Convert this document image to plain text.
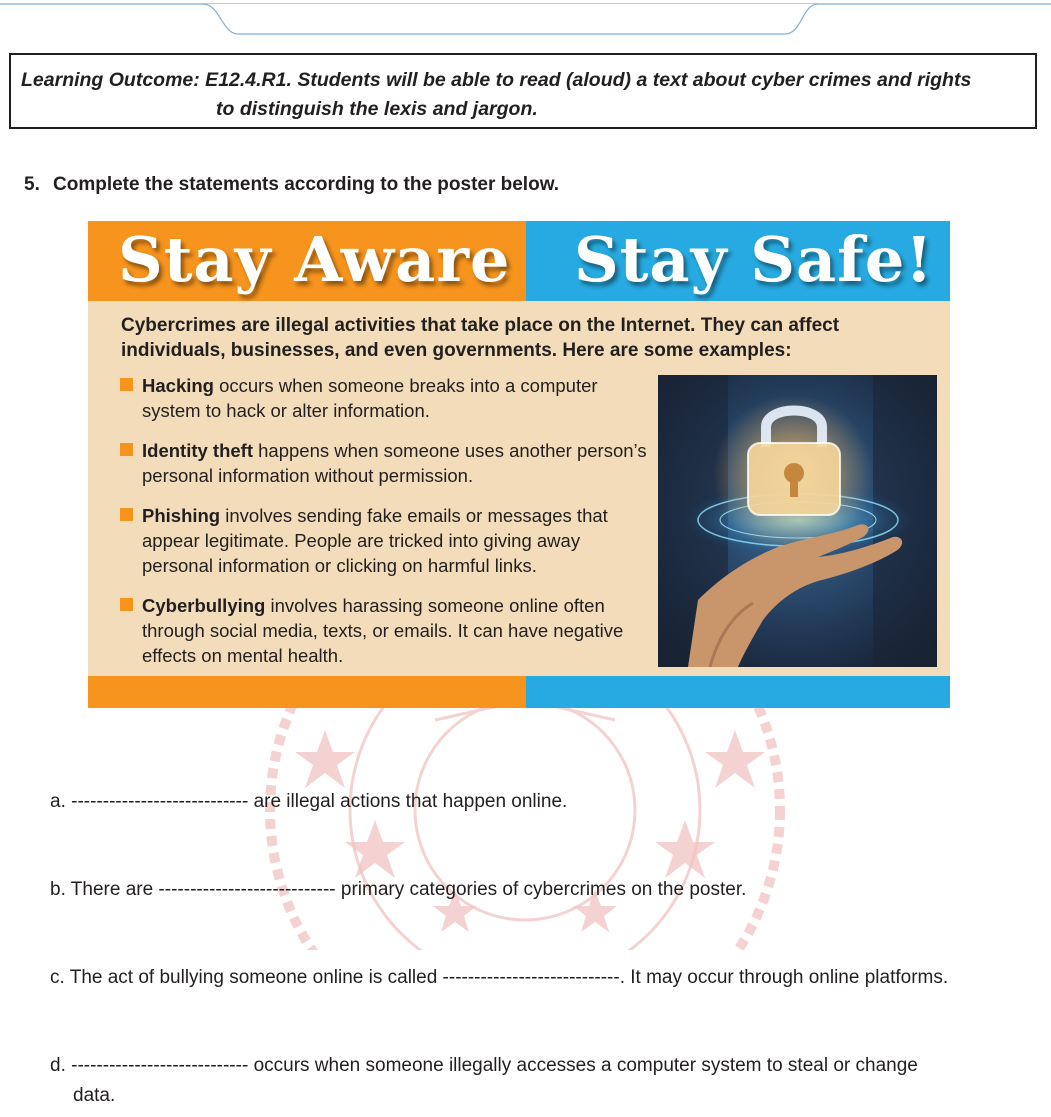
Learning Outcome: E12.4.R1. Students will be able to read (aloud) a text about cyber crimes and rights
to distinguish the lexis and jargon.
5. Complete the statements according to the poster below.
Stay Aware Stay Safe!
Cybercrimes are illegal activities that take place on the Internet. They can affect individuals, businesses, and even governments. Here are some examples:
Hacking occurs when someone breaks into a computer system to hack or alter information.
Identity theft happens when someone uses another person’s personal information without permission.
Phishing involves sending fake emails or messages that appear legitimate. People are tricked into giving away personal information or clicking on harmful links.
Cyberbullying involves harassing someone online often through social media, texts, or emails. It can have negative effects on mental health.
a. ---------------------------- are illegal actions that happen online.
b. There are ---------------------------- primary categories of cybercrimes on the poster.
c. The act of bullying someone online is called ----------------------------. It may occur through online platforms.
d. ---------------------------- occurs when someone illegally accesses a computer system to steal or change
data.
